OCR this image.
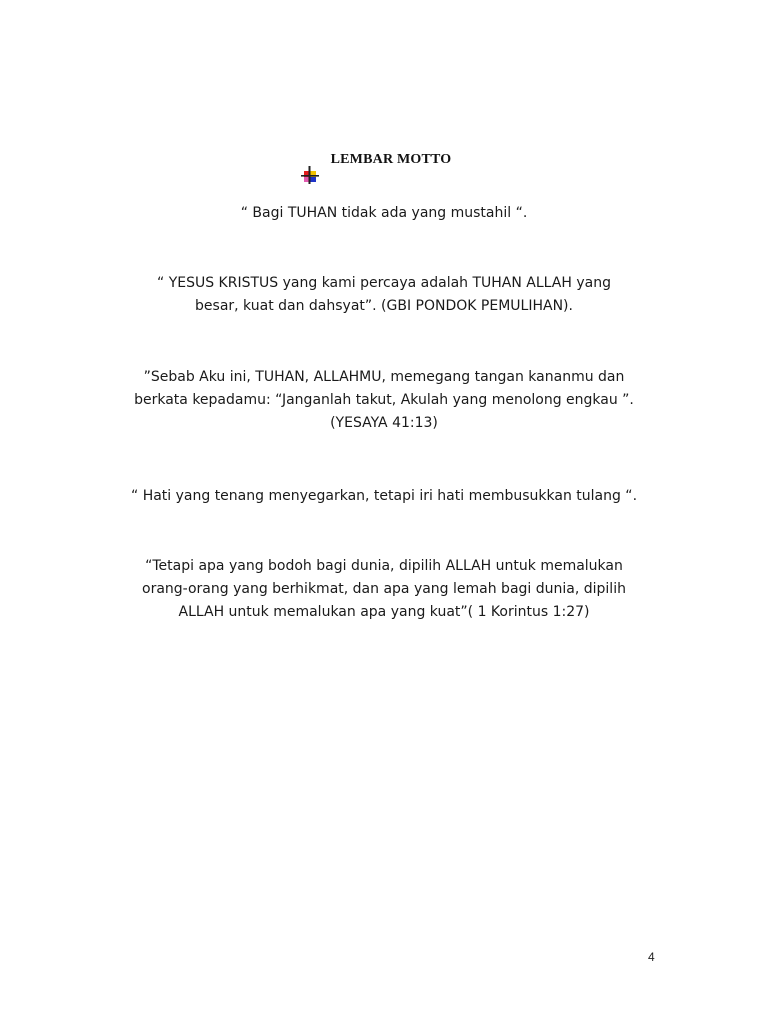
LEMBAR MOTTO
“ Bagi TUHAN tidak ada yang mustahil “.
“ YESUS KRISTUS yang kami percaya adalah TUHAN ALLAH yang
besar, kuat dan dahsyat”. (GBI PONDOK PEMULIHAN).
”Sebab Aku ini, TUHAN, ALLAHMU, memegang tangan kananmu dan
berkata kepadamu: “Janganlah takut, Akulah yang menolong engkau ”.
(YESAYA 41:13)
“ Hati yang tenang menyegarkan, tetapi iri hati membusukkan tulang “.
“Tetapi apa yang bodoh bagi dunia, dipilih ALLAH untuk memalukan
orang-orang yang berhikmat, dan apa yang lemah bagi dunia, dipilih
ALLAH untuk memalukan apa yang kuat”( 1 Korintus 1:27)
4
